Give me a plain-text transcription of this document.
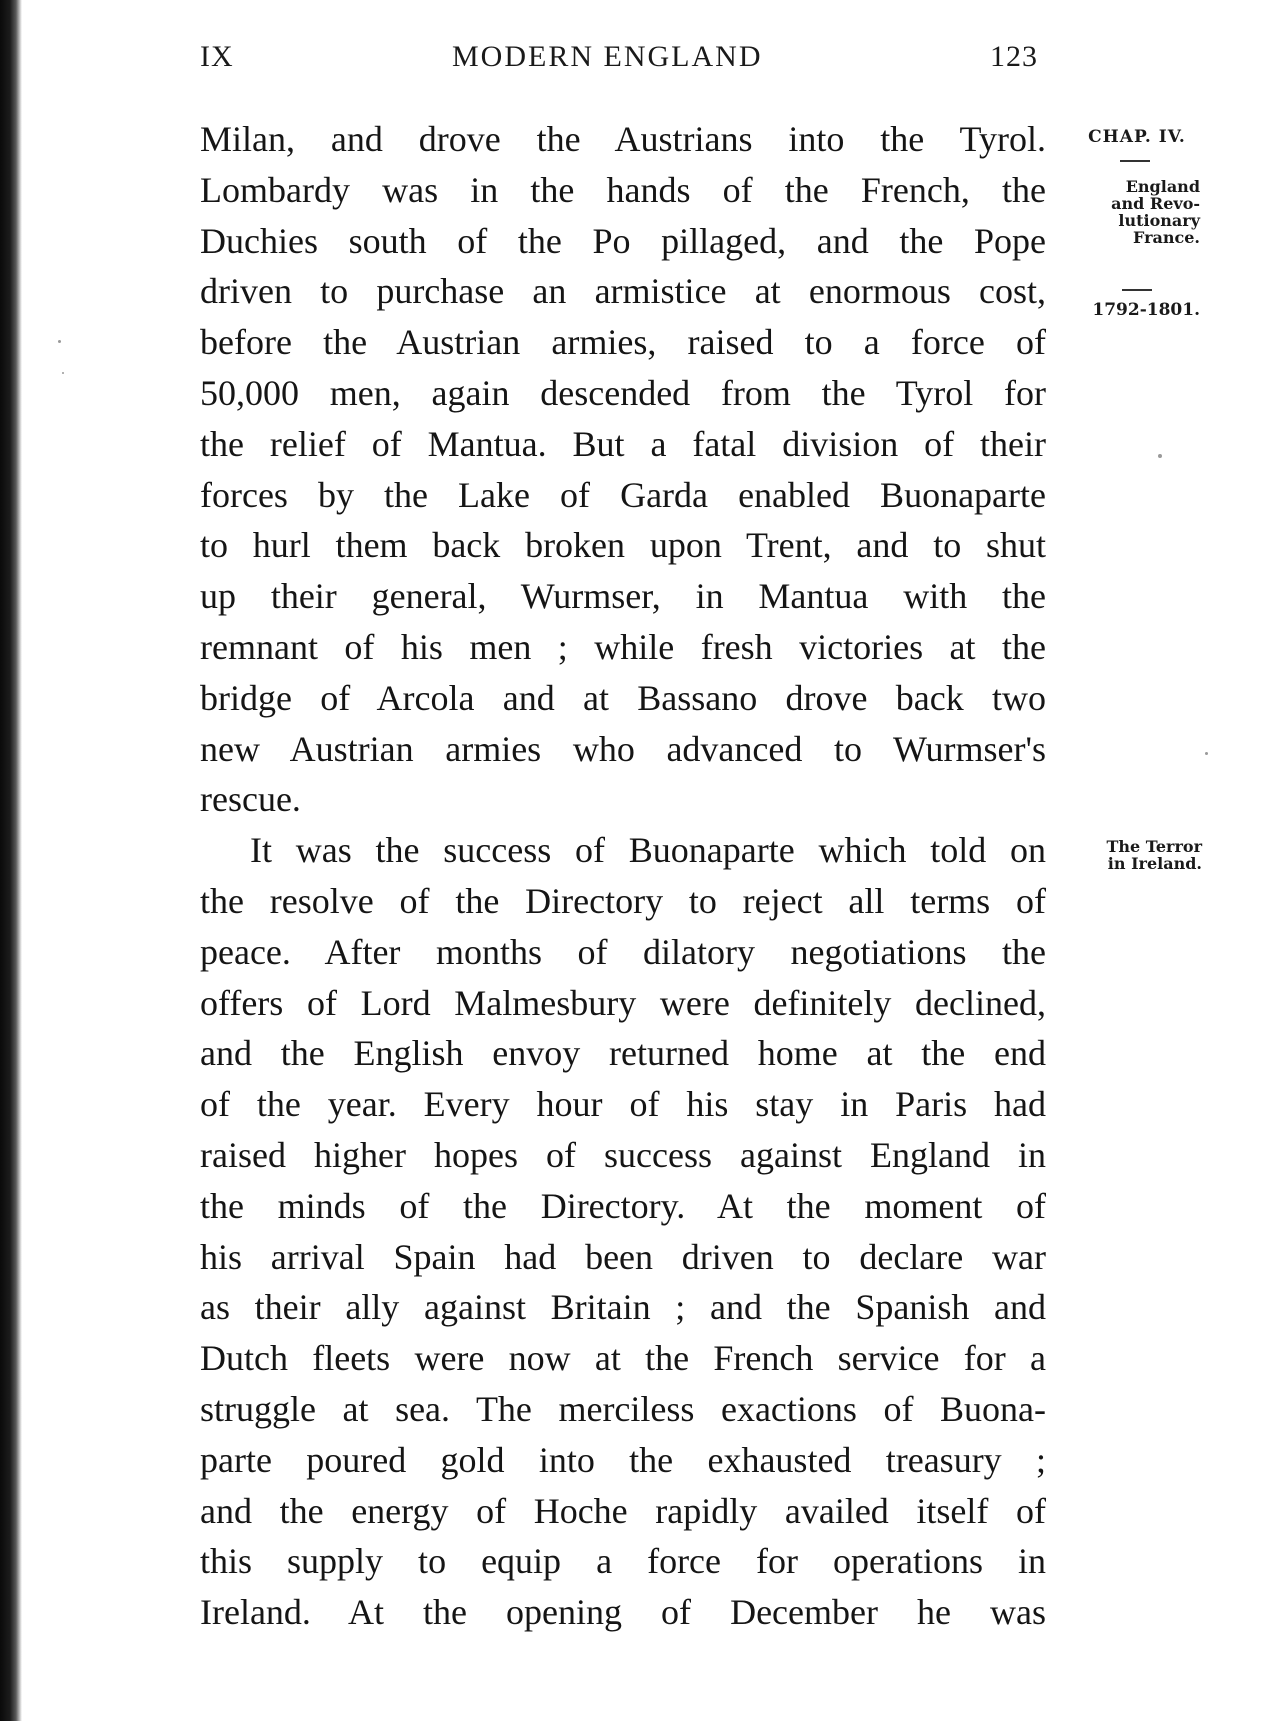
IX	MODERN ENGLAND	123
CHAP. IV.
England
and Revo-
lutionary
France.
1792-1801.
The Terror
in Ireland.
Milan, and drove the Austrians into the Tyrol.
Lombardy was in the hands of the French, the
Duchies south of the Po pillaged, and the Pope
driven to purchase an armistice at enormous cost,
before the Austrian armies, raised to a force of
50,000 men, again descended from the Tyrol for
the relief of Mantua. But a fatal division of their
forces by the Lake of Garda enabled Buonaparte
to hurl them back broken upon Trent, and to shut
up their general, Wurmser, in Mantua with the
remnant of his men ; while fresh victories at the
bridge of Arcola and at Bassano drove back two
new Austrian armies who advanced to Wurmser's
rescue.
It was the success of Buonaparte which told on
the resolve of the Directory to reject all terms of
peace. After months of dilatory negotiations the
offers of Lord Malmesbury were definitely declined,
and the English envoy returned home at the end
of the year. Every hour of his stay in Paris had
raised higher hopes of success against England in
the minds of the Directory. At the moment of
his arrival Spain had been driven to declare war
as their ally against Britain ; and the Spanish and
Dutch fleets were now at the French service for a
struggle at sea. The merciless exactions of Buona-
parte poured gold into the exhausted treasury ;
and the energy of Hoche rapidly availed itself of
this supply to equip a force for operations in
Ireland. At the opening of December he was
